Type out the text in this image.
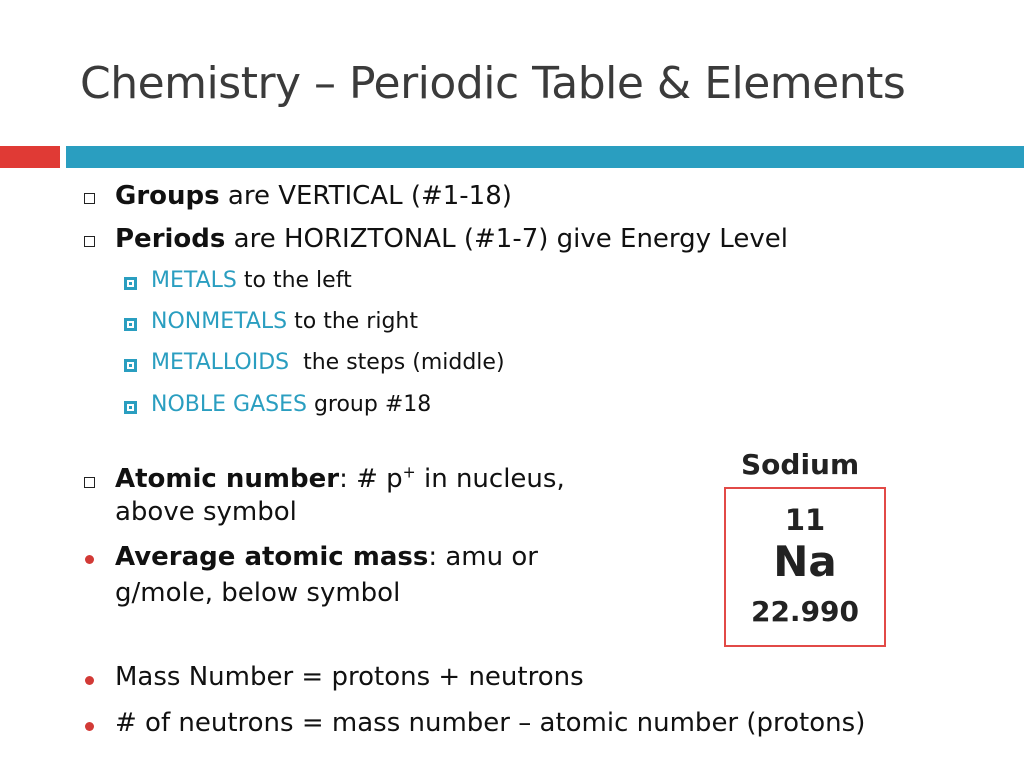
Chemistry – Periodic Table & Elements
Groups are VERTICAL (#1-18)
Periods are HORIZTONAL (#1-7) give Energy Level
METALS to the left
NONMETALS to the right
METALLOIDS  the steps (middle)
NOBLE GASES group #18
Atomic number: # p+ in nucleus,
above symbol
Average atomic mass: amu or
g/mole, below symbol
Mass Number = protons + neutrons
# of neutrons = mass number – atomic number (protons)
Sodium
11
Na
22.990
